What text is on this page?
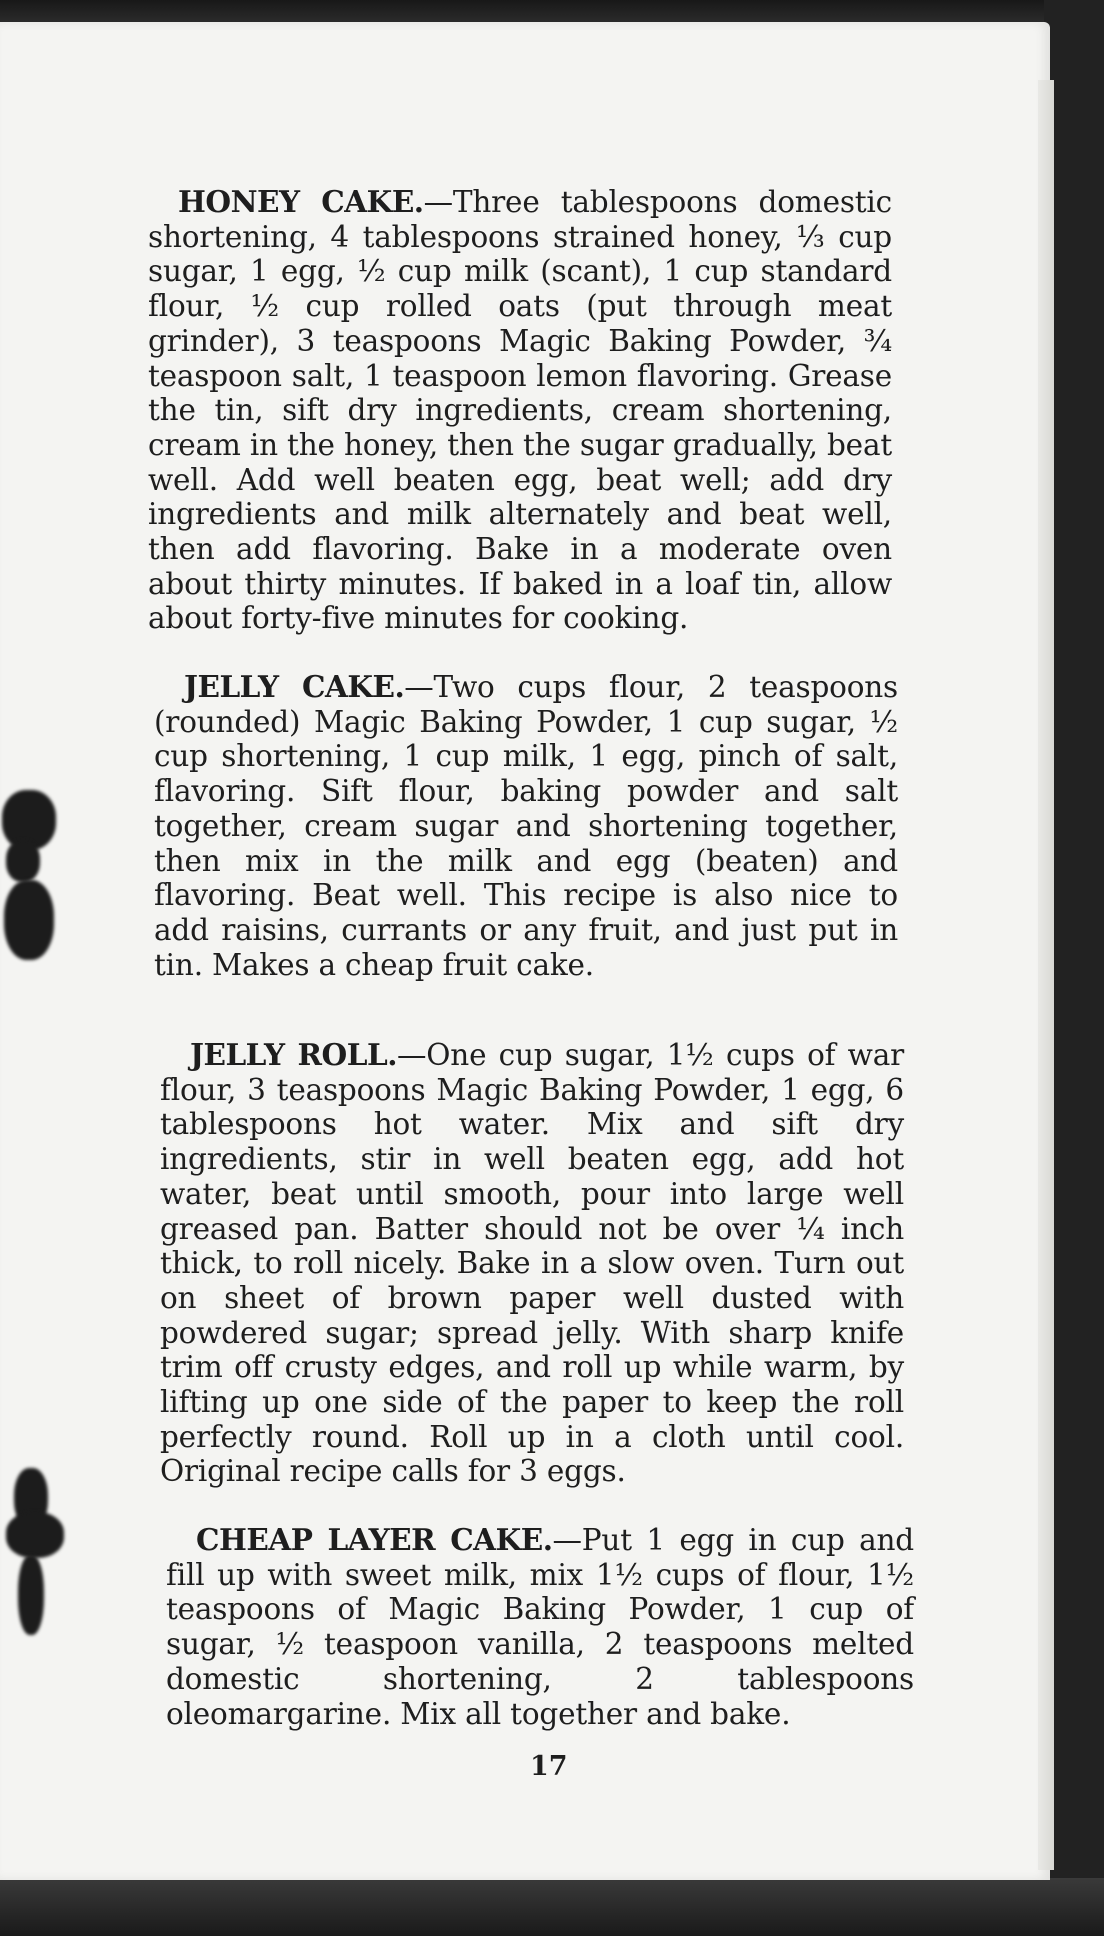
HONEY CAKE.—Three tablespoons domestic shortening, 4 tablespoons strained honey, ⅓ cup sugar, 1 egg, ½ cup milk (scant), 1 cup standard flour, ½ cup rolled oats (put through meat grinder), 3 teaspoons Magic Baking Powder, ¾ teaspoon salt, 1 teaspoon lemon flavoring. Grease the tin, sift dry ingredients, cream shortening, cream in the honey, then the sugar gradually, beat well. Add well beaten egg, beat well; add dry ingredients and milk alternately and beat well, then add flavoring. Bake in a moderate oven about thirty minutes. If baked in a loaf tin, allow about forty-five minutes for cooking.

JELLY CAKE.—Two cups flour, 2 teaspoons (rounded) Magic Baking Powder, 1 cup sugar, ½ cup shortening, 1 cup milk, 1 egg, pinch of salt, flavoring. Sift flour, baking powder and salt together, cream sugar and shortening together, then mix in the milk and egg (beaten) and flavoring. Beat well. This recipe is also nice to add raisins, currants or any fruit, and just put in tin. Makes a cheap fruit cake.

JELLY ROLL.—One cup sugar, 1½ cups of war flour, 3 teaspoons Magic Baking Powder, 1 egg, 6 tablespoons hot water. Mix and sift dry ingredients, stir in well beaten egg, add hot water, beat until smooth, pour into large well greased pan. Batter should not be over ¼ inch thick, to roll nicely. Bake in a slow oven. Turn out on sheet of brown paper well dusted with powdered sugar; spread jelly. With sharp knife trim off crusty edges, and roll up while warm, by lifting up one side of the paper to keep the roll perfectly round. Roll up in a cloth until cool. Original recipe calls for 3 eggs.

CHEAP LAYER CAKE.—Put 1 egg in cup and fill up with sweet milk, mix 1½ cups of flour, 1½ teaspoons of Magic Baking Powder, 1 cup of sugar, ½ teaspoon vanilla, 2 teaspoons melted domestic shortening, 2 tablespoons oleomargarine. Mix all together and bake.

17
